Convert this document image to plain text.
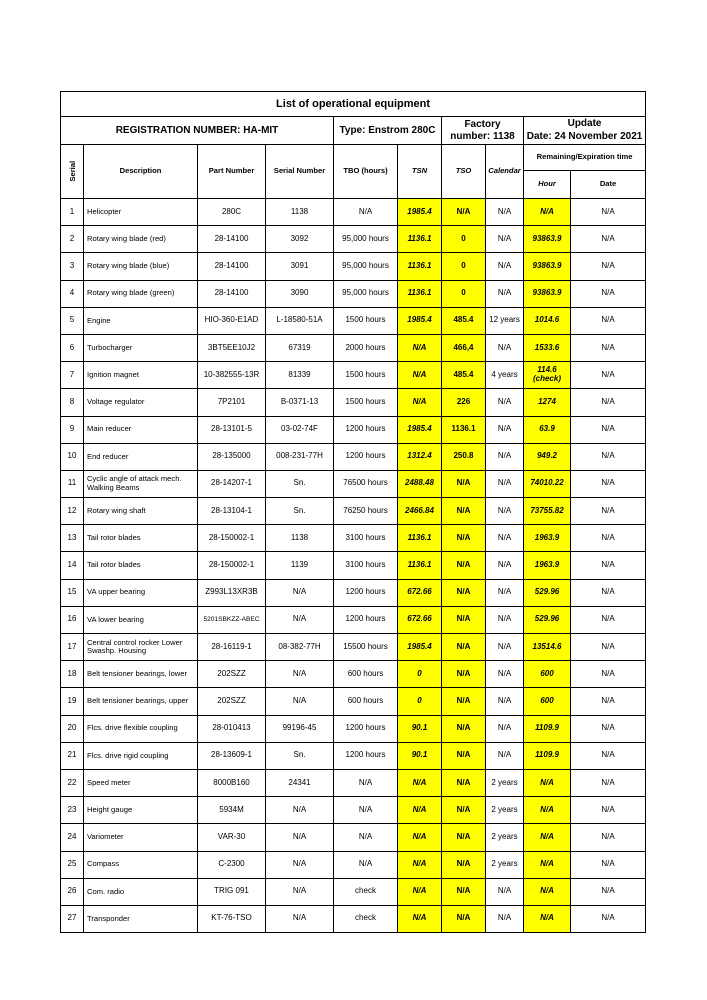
List of operational equipment									
REGISTRATION NUMBER: HA-MIT				Type: Enstrom 280C		Factory number: 1138		Update
Date: 24 November 2021	

Serial	Description	Part Number	Serial Number	TBO (hours)	TSN	TSO	Calendar	Remaining/Expiration time	
								Hour	Date
1	Helicopter	280C	1138	N/A	1985.4	N/A	N/A	N/A	N/A
2	Rotary wing blade (red)	28-14100	3092	95,000 hours	1136.1	0	N/A	93863.9	N/A
3	Rotary wing blade (blue)	28-14100	3091	95,000 hours	1136.1	0	N/A	93863.9	N/A
4	Rotary wing blade (green)	28-14100	3090	95,000 hours	1136.1	0	N/A	93863.9	N/A
5	Engine	HIO-360-E1AD	L-18580-51A	1500 hours	1985.4	485.4	12 years	1014.6	N/A
6	Turbocharger	3BT5EE10J2	67319	2000 hours	N/A	466,4	N/A	1533.6	N/A
7	Ignition magnet	10-382555-13R	81339	1500 hours	N/A	485.4	4 years	114.6 (check)	N/A
8	Voltage regulator	7P2101	B-0371-13	1500 hours	N/A	226	N/A	1274	N/A
9	Main reducer	28-13101-5	03-02-74F	1200 hours	1985.4	1136.1	N/A	63.9	N/A
10	End reducer	28-135000	008-231-77H	1200 hours	1312.4	250.8	N/A	949.2	N/A
11	Cyclic angle of attack mech. Walking Beams	28-14207-1	Sn.	76500 hours	2488.48	N/A	N/A	74010.22	N/A
12	Rotary wing shaft	28-13104-1	Sn.	76250 hours	2466.84	N/A	N/A	73755.82	N/A
13	Tail rotor blades	28-150002-1	1138	3100 hours	1136.1	N/A	N/A	1963.9	N/A
14	Tail rotor blades	28-150002-1	1139	3100 hours	1136.1	N/A	N/A	1963.9	N/A
15	VA upper bearing	Z993L13XR3B	N/A	1200 hours	672.66	N/A	N/A	529.96	N/A
16	VA lower bearing	5201SBKZZ-ABEC	N/A	1200 hours	672.66	N/A	N/A	529.96	N/A
17	Central control rocker Lower Swashp. Housing	28-16119-1	08-382-77H	15500 hours	1985.4	N/A	N/A	13514.6	N/A
18	Belt tensioner bearings, lower	202SZZ	N/A	600 hours	0	N/A	N/A	600	N/A
19	Belt tensioner bearings, upper	202SZZ	N/A	600 hours	0	N/A	N/A	600	N/A
20	Flcs. drive flexible coupling	28-010413	99196-45	1200 hours	90.1	N/A	N/A	1109.9	N/A
21	Flcs. drive rigid coupling	28-13609-1	Sn.	1200 hours	90.1	N/A	N/A	1109.9	N/A
22	Speed meter	8000B160	24341	N/A	N/A	N/A	2 years	N/A	N/A
23	Height gauge	5934M	N/A	N/A	N/A	N/A	2 years	N/A	N/A
24	Variometer	VAR-30	N/A	N/A	N/A	N/A	2 years	N/A	N/A
25	Compass	C-2300	N/A	N/A	N/A	N/A	2 years	N/A	N/A
26	Com. radio	TRIG 091	N/A	check	N/A	N/A	N/A	N/A	N/A
27	Transponder	KT-76-TSO	N/A	check	N/A	N/A	N/A	N/A	N/A
